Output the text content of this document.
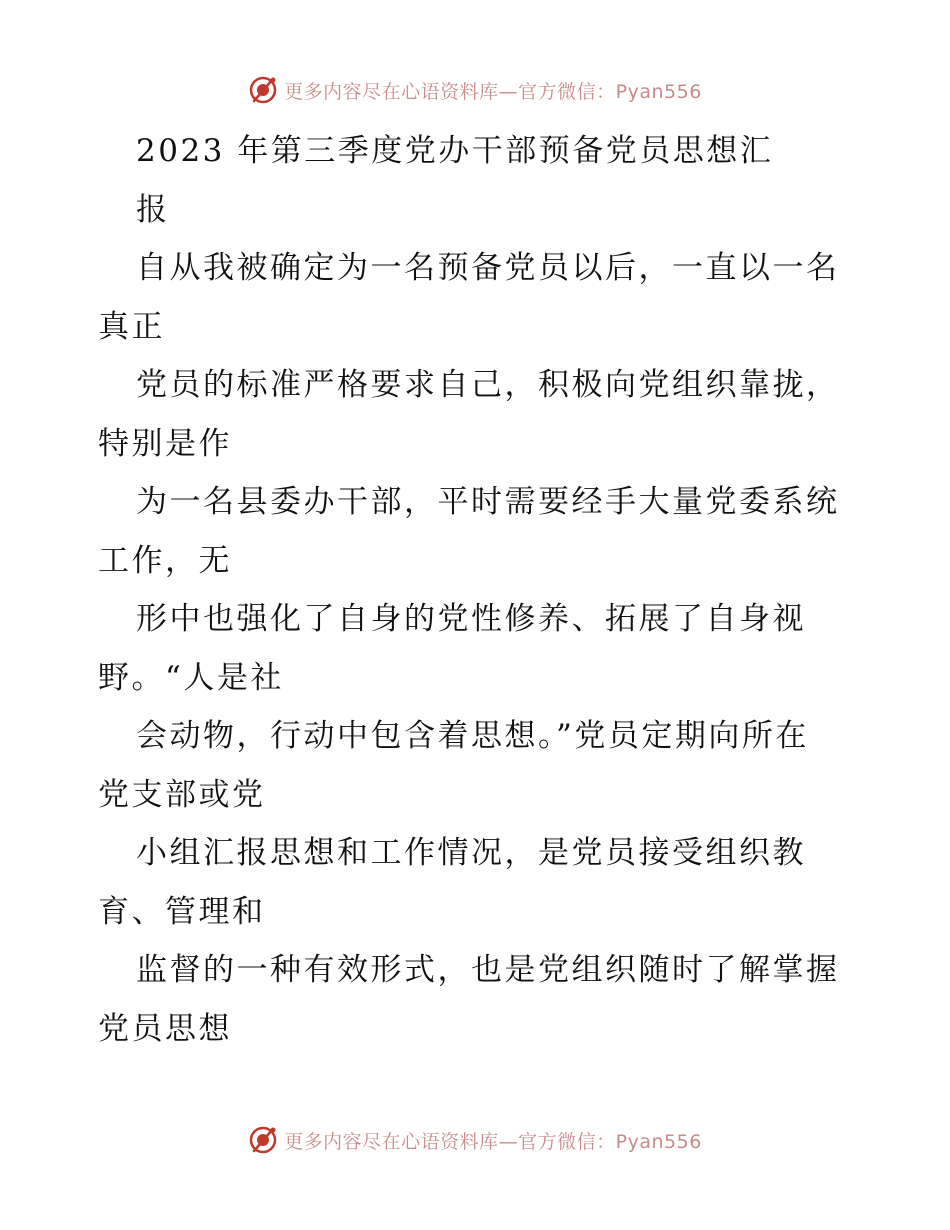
更多内容尽在心语资料库—官方微信：Pyan556
2023 年第三季度党办干部预备党员思想汇
报
自从我被确定为一名预备党员以后，一直以一名
真正
党员的标准严格要求自己，积极向党组织靠拢，
特别是作
为一名县委办干部，平时需要经手大量党委系统
工作，无
形中也强化了自身的党性修养、拓展了自身视
野。“人是社
会动物，行动中包含着思想。”党员定期向所在
党支部或党
小组汇报思想和工作情况，是党员接受组织教
育、管理和
监督的一种有效形式，也是党组织随时了解掌握
党员思想
更多内容尽在心语资料库—官方微信：Pyan556
